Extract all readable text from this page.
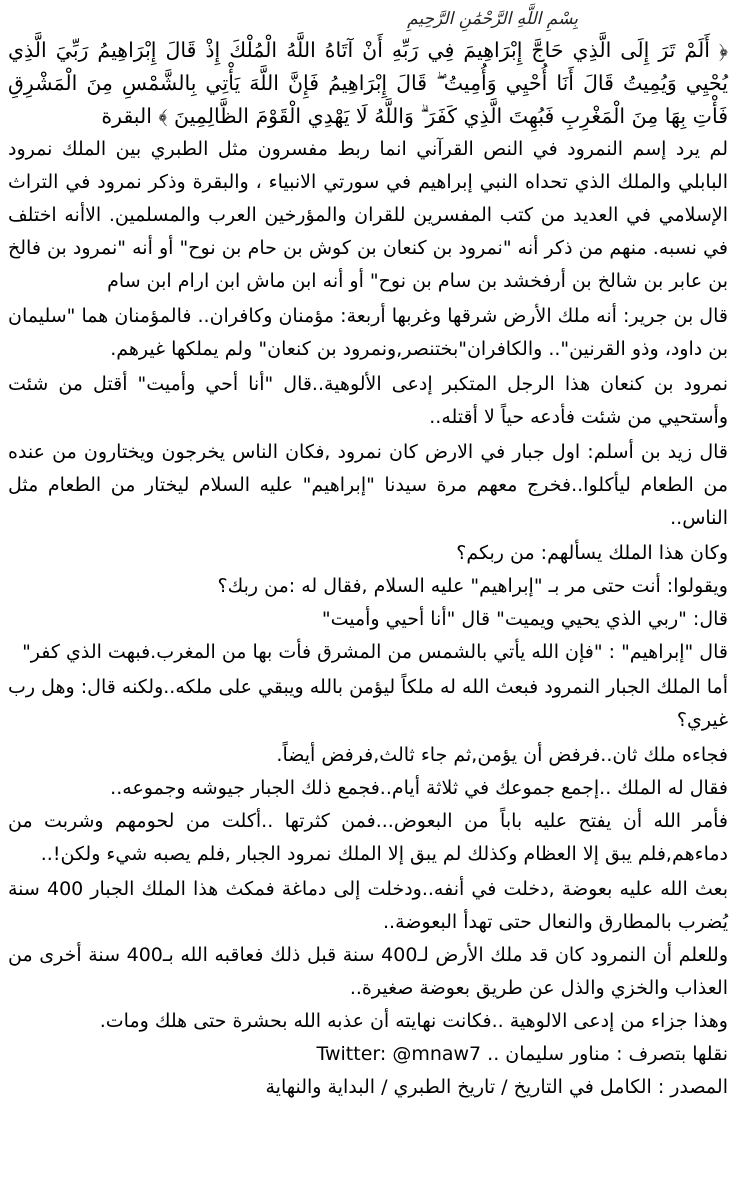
بِسْمِ اللَّهِ الرَّحْمَٰنِ الرَّحِيمِ

﴿ أَلَمْ تَرَ إِلَى الَّذِي حَاجَّ إِبْرَاهِيمَ فِي رَبِّهِ أَنْ آتَاهُ اللَّهُ الْمُلْكَ إِذْ قَالَ إِبْرَاهِيمُ رَبِّيَ الَّذِي يُحْيِي وَيُمِيتُ قَالَ أَنَا أُحْيِي وَأُمِيتُ ۖ قَالَ إِبْرَاهِيمُ فَإِنَّ اللَّهَ يَأْتِي بِالشَّمْسِ مِنَ الْمَشْرِقِ فَأْتِ بِهَا مِنَ الْمَغْرِبِ فَبُهِتَ الَّذِي كَفَرَ ۗ وَاللَّهُ لَا يَهْدِي الْقَوْمَ الظَّالِمِينَ ﴾ البقرة

لم يرد إسم النمرود في النص القرآني انما ربط مفسرون مثل الطبري بين الملك نمرود البابلي والملك الذي تحداه النبي إبراهيم في سورتي الانبياء ، والبقرة وذكر نمرود في التراث الإسلامي في العديد من كتب المفسرين للقران والمؤرخين العرب والمسلمين. الاأنه اختلف في نسبه. منهم من ذكر أنه "نمرود بن كنعان بن كوش بن حام بن نوح" أو أنه "نمرود بن فالخ بن عابر بن شالخ بن أرفخشد بن سام بن نوح" أو أنه ابن ماش ابن ارام ابن سام

قال بن جرير: أنه ملك الأرض شرقها وغربها أربعة: مؤمنان وكافران.. فالمؤمنان هما "سليمان بن داود، وذو القرنين".. والكافران"بختنصر,ونمرود بن كنعان" ولم يملكها غيرهم.

نمرود بن كنعان هذا الرجل المتكبر إدعى الألوهية..قال "أنا أحي وأميت" أقتل من شئت وأستحيي من شئت فأدعه حياً لا أقتله..

قال زيد بن أسلم: اول جبار في الارض كان نمرود ,فكان الناس يخرجون ويختارون من عنده من الطعام ليأكلوا..فخرج معهم مرة سيدنا "إبراهيم" عليه السلام ليختار من الطعام مثل الناس..

وكان هذا الملك يسألهم: من ربكم؟

ويقولوا: أنت حتى مر بـ "إبراهيم" عليه السلام ,فقال له :من ربك؟

قال: "ربي الذي يحيي ويميت" قال "أنا أحيي وأميت"

قال "إبراهيم" : "فإن الله يأتي بالشمس من المشرق فأت بها من المغرب.فبهت الذي كفر"

أما الملك الجبار النمرود فبعث الله له ملكاً ليؤمن بالله ويبقي على ملكه..ولكنه قال: وهل رب غيري؟

فجاءه ملك ثان..فرفض أن يؤمن,ثم جاء ثالث,فرفض أيضاً.

فقال له الملك ..إجمع جموعك في ثلاثة أيام..فجمع ذلك الجبار جيوشه وجموعه..

فأمر الله أن يفتح عليه باباً من البعوض...فمن كثرتها ..أكلت من لحومهم وشربت من دماءهم,فلم يبق إلا العظام وكذلك لم يبق إلا الملك نمرود الجبار ,فلم يصبه شيء ولكن!..

بعث الله عليه بعوضة ,دخلت في أنفه..ودخلت إلى دماغة فمكث هذا الملك الجبار 400 سنة يُضرب بالمطارق والنعال حتى تهدأ البعوضة..

وللعلم أن النمرود كان قد ملك الأرض لـ400 سنة قبل ذلك فعاقبه الله بـ400 سنة أخرى من العذاب والخزي والذل عن طريق بعوضة صغيرة..

وهذا جزاء من إدعى الالوهية ..فكانت نهايته أن عذبه الله بحشرة حتى هلك ومات.

نقلها بتصرف : مناور سليمان .. Twitter: @mnaw7

المصدر : الكامل في التاريخ / تاريخ الطبري / البداية والنهاية
